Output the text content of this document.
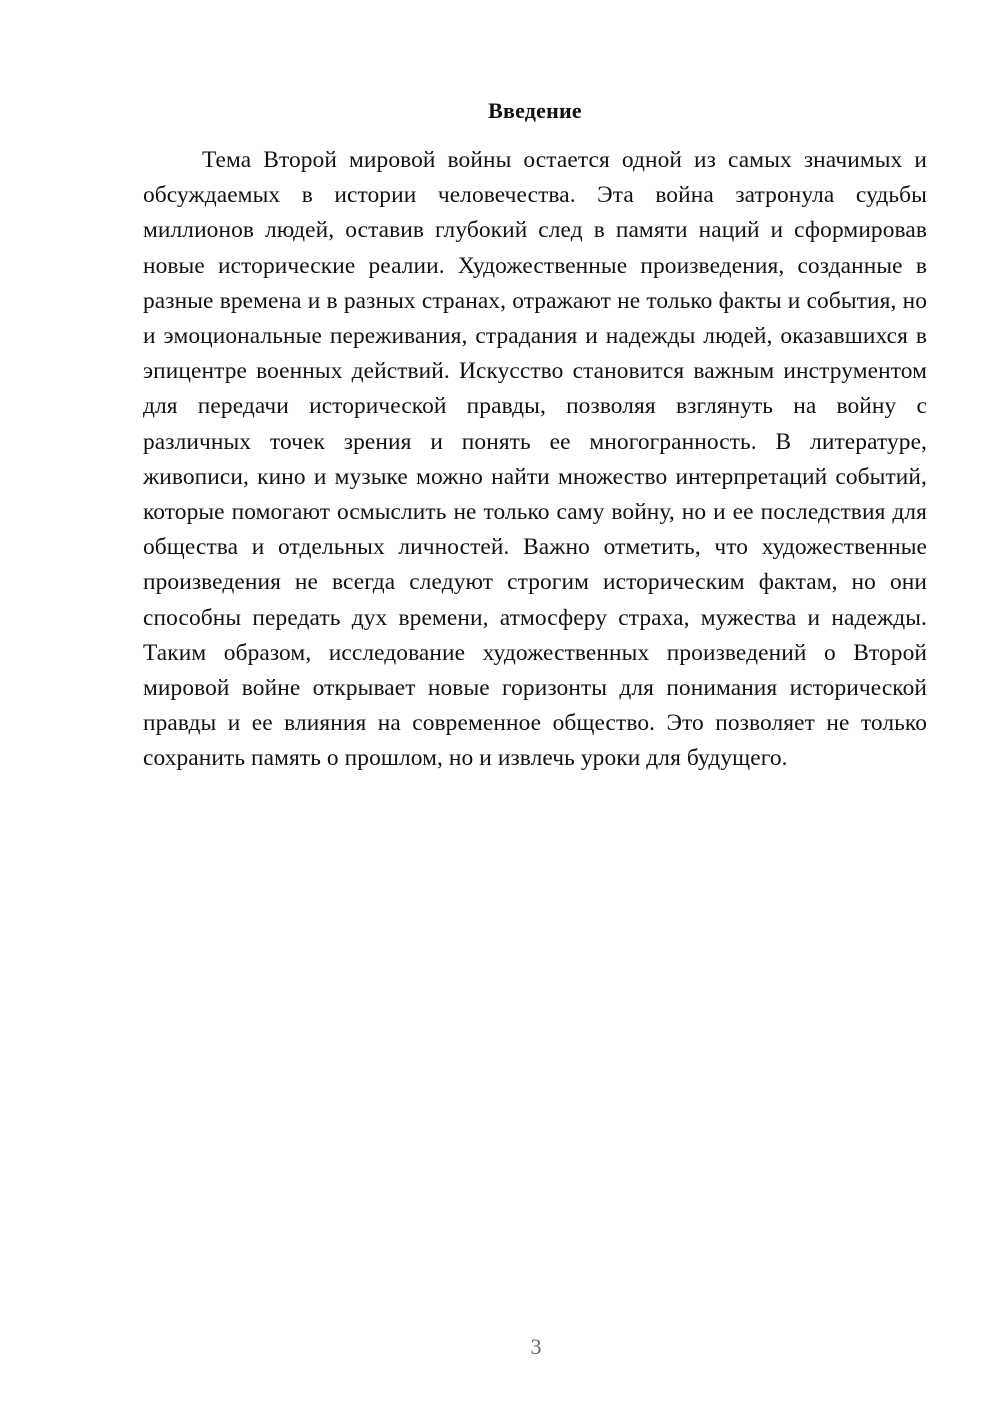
Введение

Тема Второй мировой войны остается одной из самых значимых и обсуждаемых в истории человечества. Эта война затронула судьбы миллионов людей, оставив глубокий след в памяти наций и сформировав новые исторические реалии. Художественные произведения, созданные в разные времена и в разных странах, отражают не только факты и события, но и эмоциональные переживания, страдания и надежды людей, оказавшихся в эпицентре военных действий. Искусство становится важным инструментом для передачи исторической правды, позволяя взглянуть на войну с различных точек зрения и понять ее многогранность. В литературе, живописи, кино и музыке можно найти множество интерпретаций событий, которые помогают осмыслить не только саму войну, но и ее последствия для общества и отдельных личностей. Важно отметить, что художественные произведения не всегда следуют строгим историческим фактам, но они способны передать дух времени, атмосферу страха, мужества и надежды. Таким образом, исследование художественных произведений о Второй мировой войне открывает новые горизонты для понимания исторической правды и ее влияния на современное общество. Это позволяет не только сохранить память о прошлом, но и извлечь уроки для будущего.

3
